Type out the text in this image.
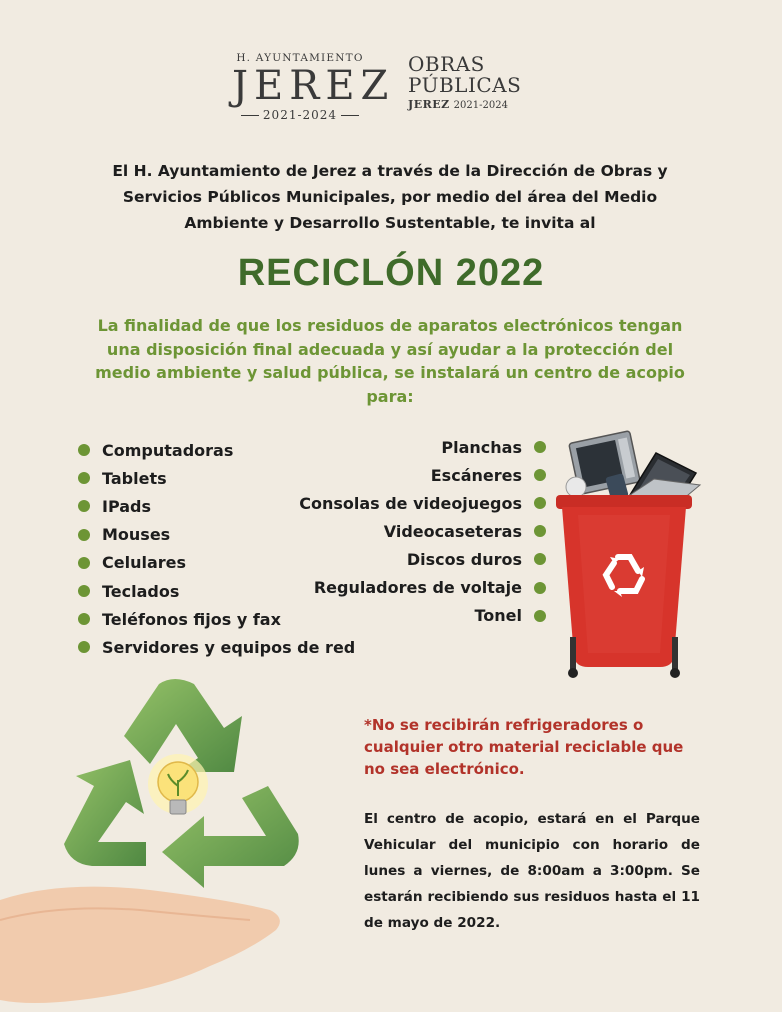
H. AYUNTAMIENTO
JEREZ
2021-2024
OBRAS
PÚBLICAS
JEREZ 2021-2024
El H. Ayuntamiento de Jerez a través de la Dirección de Obras y Servicios Públicos Municipales, por medio del área del Medio Ambiente y Desarrollo Sustentable, te invita al
RECICLÓN 2022
La finalidad de que los residuos de aparatos electrónicos tengan una disposición final adecuada y así ayudar a la protección del medio ambiente y salud pública, se instalará un centro de acopio para:
Computadoras
Tablets
IPads
Mouses
Celulares
Teclados
Teléfonos fijos y fax
Servidores y equipos de red
Planchas
Escáneres
Consolas de videojuegos
Videocaseteras
Discos duros
Reguladores de voltaje
Tonel
*No se recibirán refrigeradores o cualquier otro material reciclable que no sea electrónico.
El centro de acopio, estará en el Parque Vehicular del municipio con horario de lunes a viernes, de 8:00am a 3:00pm. Se estarán recibiendo sus residuos hasta el 11 de mayo de 2022.
